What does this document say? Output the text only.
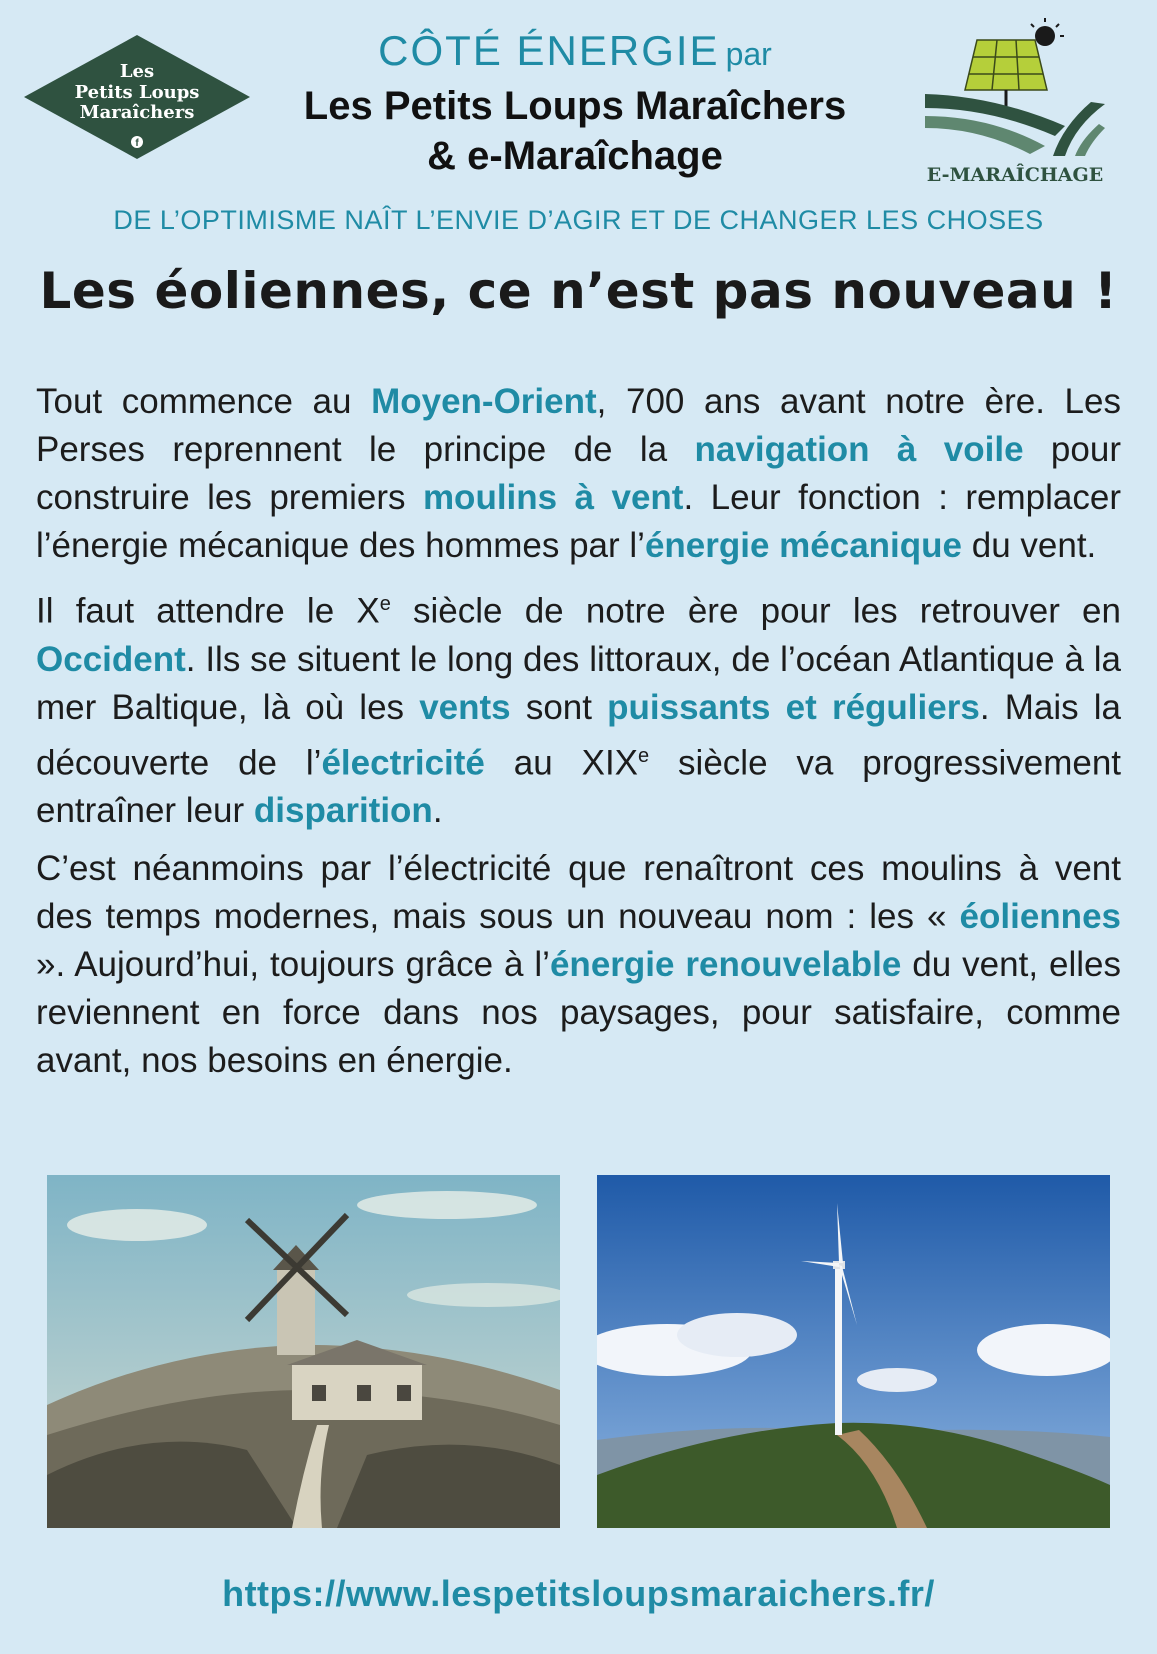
Les
Petits Loups
Maraîchers
f
CÔTÉ ÉNERGIE par
Les Petits Loups Maraîchers
& e-Maraîchage	E-MARAÎCHAGE
DE L’OPTIMISME NAÎT L’ENVIE D’AGIR ET DE CHANGER LES CHOSES
Les éoliennes, ce n’est pas nouveau !

Tout commence au Moyen-Orient, 700 ans avant notre ère. Les Perses reprennent le principe de la navigation à voile pour construire les premiers moulins à vent. Leur fonction : remplacer l’énergie mécanique des hommes par l’énergie mécanique du vent.

Il faut attendre le Xe siècle de notre ère pour les retrouver en Occident. Ils se situent le long des littoraux, de l’océan Atlantique à la mer Baltique, là où les vents sont puissants et réguliers. Mais la découverte de l’électricité au XIXe siècle va progressivement entraîner leur disparition.

C’est néanmoins par l’électricité que renaîtront ces moulins à vent des temps modernes, mais sous un nouveau nom : les « éoliennes ». Aujourd’hui, toujours grâce à l’énergie renouvelable du vent, elles reviennent en force dans nos paysages, pour satisfaire, comme avant, nos besoins en énergie.

https://www.lespetitsloupsmaraichers.fr/
